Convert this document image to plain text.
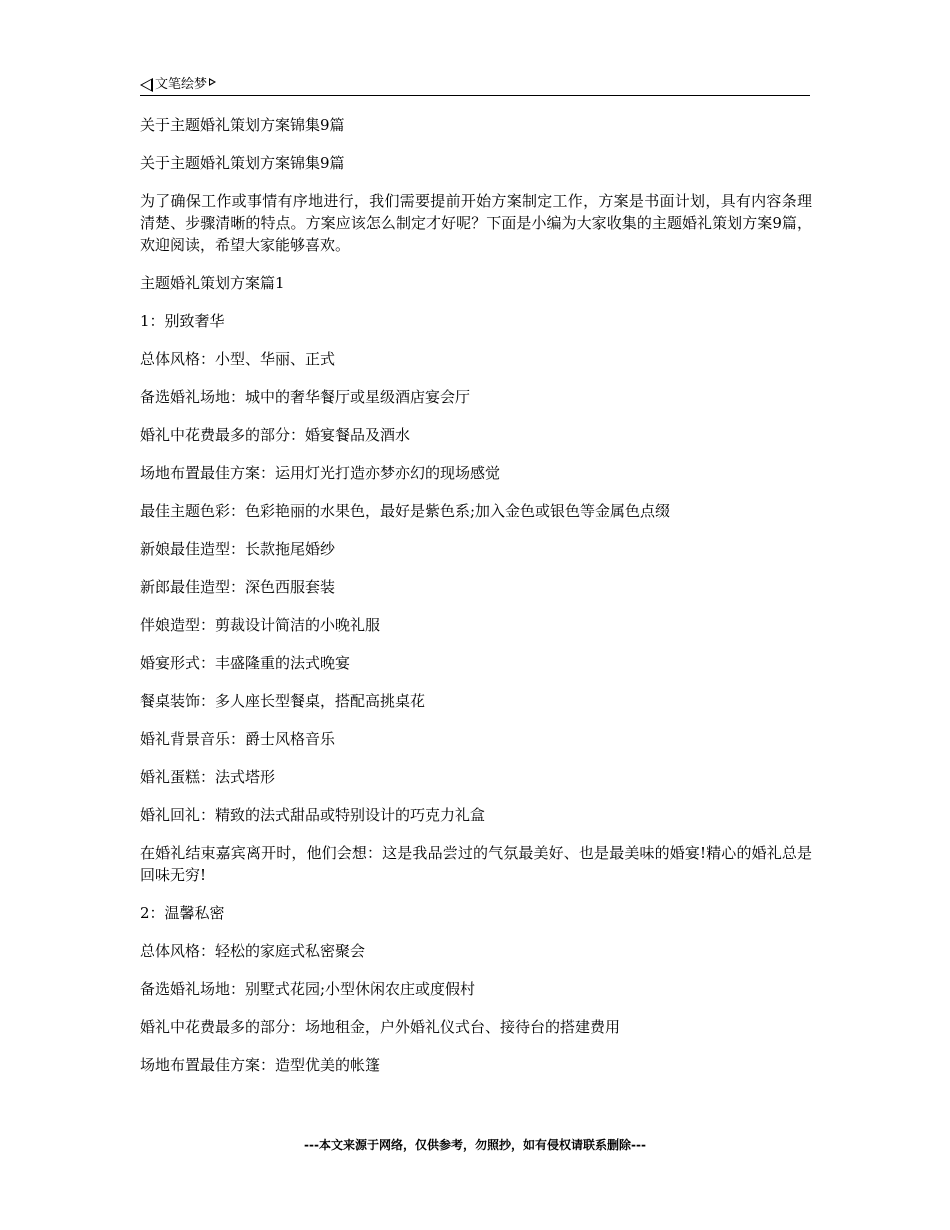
文笔绘梦

关于主题婚礼策划方案锦集9篇

关于主题婚礼策划方案锦集9篇

为了确保工作或事情有序地进行，我们需要提前开始方案制定工作，方案是书面计划，具有内容条理清楚、步骤清晰的特点。方案应该怎么制定才好呢？下面是小编为大家收集的主题婚礼策划方案9篇，欢迎阅读，希望大家能够喜欢。

主题婚礼策划方案篇1

1：别致奢华

总体风格：小型、华丽、正式

备选婚礼场地：城中的奢华餐厅或星级酒店宴会厅

婚礼中花费最多的部分：婚宴餐品及酒水

场地布置最佳方案：运用灯光打造亦梦亦幻的现场感觉

最佳主题色彩：色彩艳丽的水果色，最好是紫色系;加入金色或银色等金属色点缀

新娘最佳造型：长款拖尾婚纱

新郎最佳造型：深色西服套装

伴娘造型：剪裁设计简洁的小晚礼服

婚宴形式：丰盛隆重的法式晚宴

餐桌装饰：多人座长型餐桌，搭配高挑桌花

婚礼背景音乐：爵士风格音乐

婚礼蛋糕：法式塔形

婚礼回礼：精致的法式甜品或特别设计的巧克力礼盒

在婚礼结束嘉宾离开时，他们会想：这是我品尝过的气氛最美好、也是最美味的婚宴!精心的婚礼总是回味无穷!

2：温馨私密

总体风格：轻松的家庭式私密聚会

备选婚礼场地：别墅式花园;小型休闲农庄或度假村

婚礼中花费最多的部分：场地租金，户外婚礼仪式台、接待台的搭建费用

场地布置最佳方案：造型优美的帐篷

---本文来源于网络，仅供参考，勿照抄，如有侵权请联系删除---
